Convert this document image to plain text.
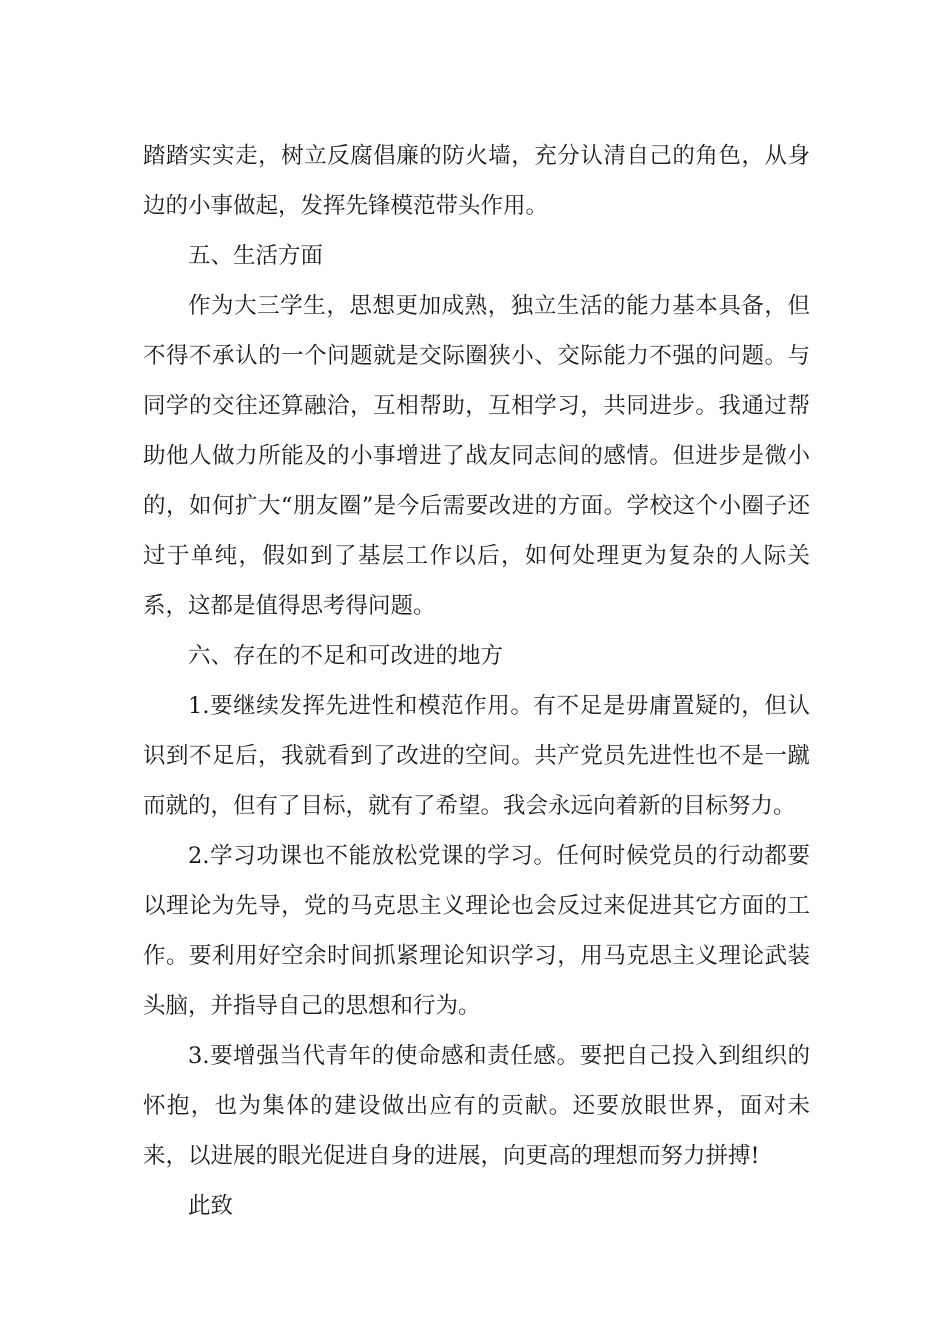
踏踏实实走，树立反腐倡廉的防火墙，充分认清自己的角色，从身边的小事做起，发挥先锋模范带头作用。

五、生活方面

作为大三学生，思想更加成熟，独立生活的能力基本具备，但不得不承认的一个问题就是交际圈狭小、交际能力不强的问题。与同学的交往还算融洽，互相帮助，互相学习，共同进步。我通过帮助他人做力所能及的小事增进了战友同志间的感情。但进步是微小的，如何扩大“朋友圈”是今后需要改进的方面。学校这个小圈子还过于单纯，假如到了基层工作以后，如何处理更为复杂的人际关系，这都是值得思考得问题。

六、存在的不足和可改进的地方

1.要继续发挥先进性和模范作用。有不足是毋庸置疑的，但认识到不足后，我就看到了改进的空间。共产党员先进性也不是一蹴而就的，但有了目标，就有了希望。我会永远向着新的目标努力。

2.学习功课也不能放松党课的学习。任何时候党员的行动都要以理论为先导，党的马克思主义理论也会反过来促进其它方面的工作。要利用好空余时间抓紧理论知识学习，用马克思主义理论武装头脑，并指导自己的思想和行为。

3.要增强当代青年的使命感和责任感。要把自己投入到组织的怀抱，也为集体的建设做出应有的贡献。还要放眼世界，面对未来，以进展的眼光促进自身的进展，向更高的理想而努力拼搏!

此致
